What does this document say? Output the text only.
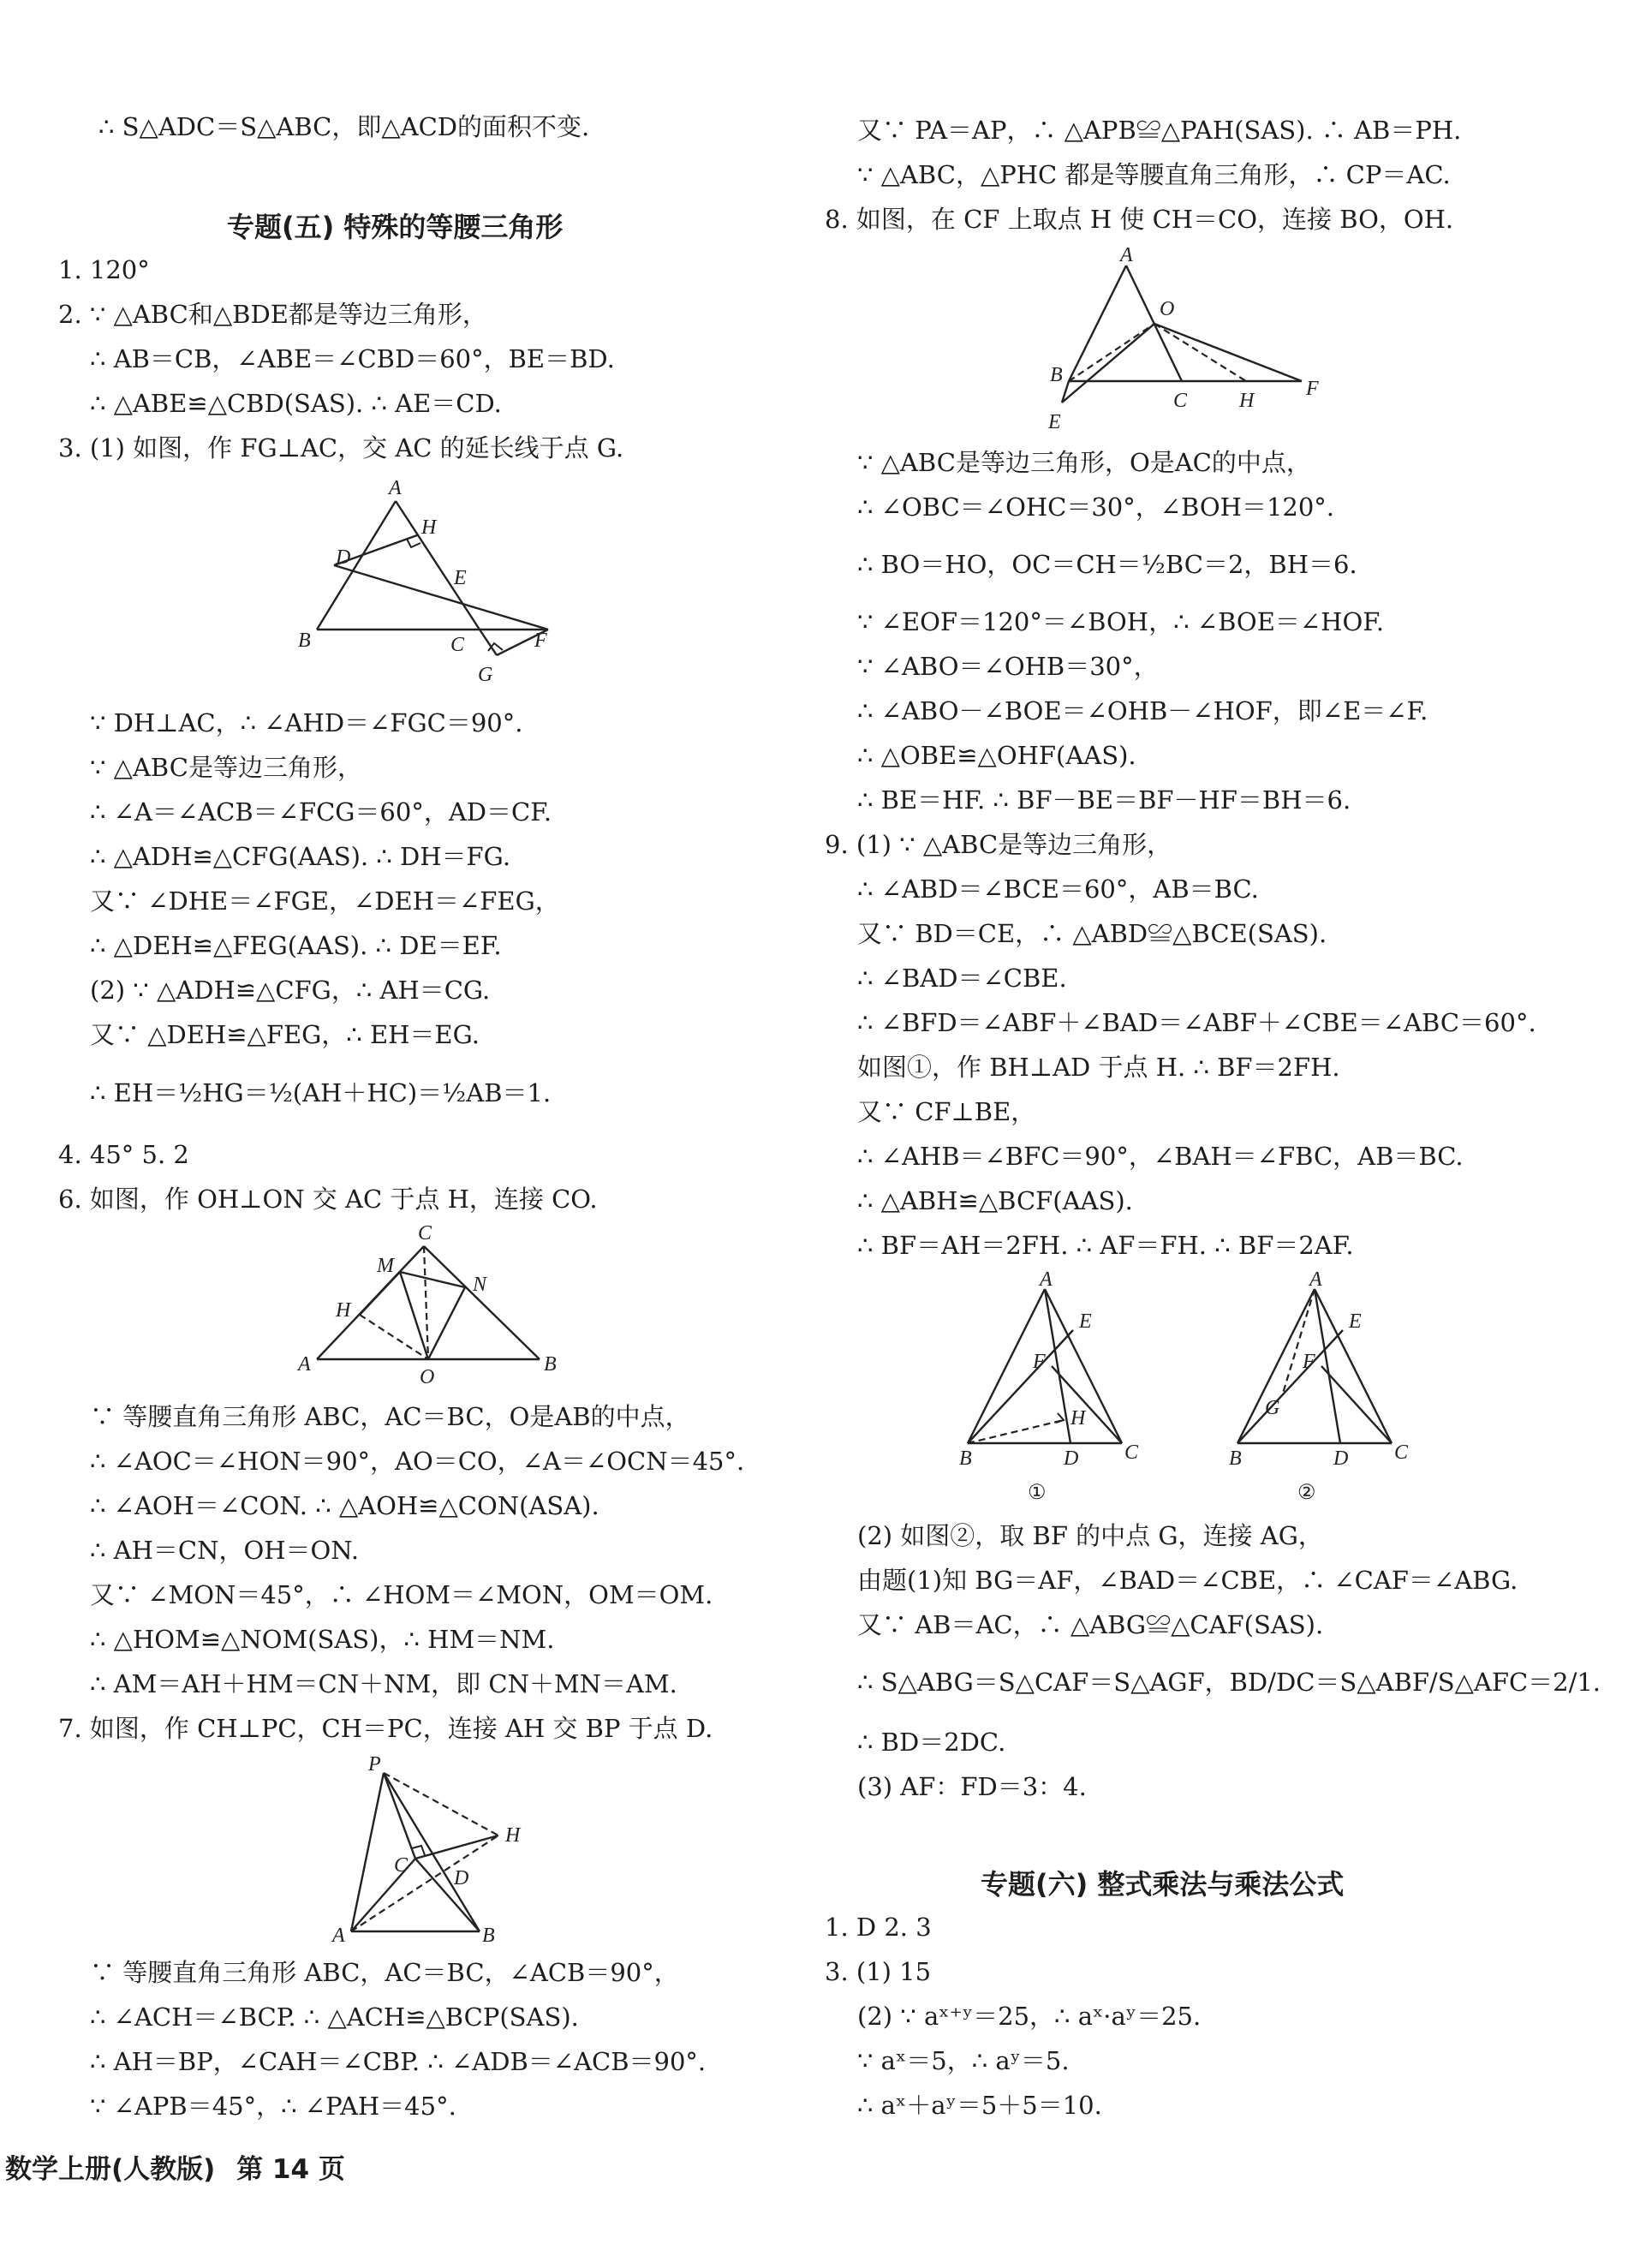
∴ S△ADC＝S△ABC，即△ACD的面积不变.
专题(五) 特殊的等腰三角形
1. 120°
2. ∵ △ABC和△BDE都是等边三角形，
∴ AB＝CB，∠ABE＝∠CBD＝60°，BE＝BD.
∴ △ABE≌△CBD(SAS). ∴ AE＝CD.
3. (1) 如图，作 FG⊥AC，交 AC 的延长线于点 G.
A
H
D
E
B	C
G
F
∵ DH⊥AC，∴ ∠AHD＝∠FGC＝90°.
∵ △ABC是等边三角形，
∴ ∠A＝∠ACB＝∠FCG＝60°，AD＝CF.
∴ △ADH≌△CFG(AAS). ∴ DH＝FG.
又∵ ∠DHE＝∠FGE，∠DEH＝∠FEG，
∴ △DEH≌△FEG(AAS). ∴ DE＝EF.
(2) ∵ △ADH≌△CFG，∴ AH＝CG.
又∵ △DEH≌△FEG，∴ EH＝EG.
∴ EH＝½HG＝½(AH＋HC)＝½AB＝1.
4. 45° 5. 2
6. 如图，作 OH⊥ON 交 AC 于点 H，连接 CO.
C
M
N
H
A
O
B
∵ 等腰直角三角形 ABC，AC＝BC，O是AB的中点，
∴ ∠AOC＝∠HON＝90°，AO＝CO，∠A＝∠OCN＝45°.
∴ ∠AOH＝∠CON. ∴ △AOH≌△CON(ASA).
∴ AH＝CN，OH＝ON.
又∵ ∠MON＝45°，∴ ∠HOM＝∠MON，OM＝OM.
∴ △HOM≌△NOM(SAS)，∴ HM＝NM.
∴ AM＝AH＋HM＝CN＋NM，即 CN＋MN＝AM.
7. 如图，作 CH⊥PC，CH＝PC，连接 AH 交 BP 于点 D.
P
H
C
D
A	B
∵ 等腰直角三角形 ABC，AC＝BC，∠ACB＝90°，
∴ ∠ACH＝∠BCP. ∴ △ACH≌△BCP(SAS).
∴ AH＝BP，∠CAH＝∠CBP. ∴ ∠ADB＝∠ACB＝90°.
∵ ∠APB＝45°，∴ ∠PAH＝45°.
又∵ PA＝AP，∴ △APB≌△PAH(SAS). ∴ AB＝PH.
∵ △ABC，△PHC 都是等腰直角三角形，∴ CP＝AC.
8. 如图，在 CF 上取点 H 使 CH＝CO，连接 BO，OH.
A
O
B
C	H
F
E
∵ △ABC是等边三角形，O是AC的中点，
∴ ∠OBC＝∠OHC＝30°，∠BOH＝120°.
∴ BO＝HO，OC＝CH＝½BC＝2，BH＝6.
∵ ∠EOF＝120°＝∠BOH，∴ ∠BOE＝∠HOF.
∵ ∠ABO＝∠OHB＝30°，
∴ ∠ABO－∠BOE＝∠OHB－∠HOF，即∠E＝∠F.
∴ △OBE≌△OHF(AAS).
∴ BE＝HF. ∴ BF－BE＝BF－HF＝BH＝6.
9. (1) ∵ △ABC是等边三角形，
∴ ∠ABD＝∠BCE＝60°，AB＝BC.
又∵ BD＝CE，∴ △ABD≌△BCE(SAS).
∴ ∠BAD＝∠CBE.
∴ ∠BFD＝∠ABF＋∠BAD＝∠ABF＋∠CBE＝∠ABC＝60°.
如图①，作 BH⊥AD 于点 H. ∴ BF＝2FH.
又∵ CF⊥BE，
∴ ∠AHB＝∠BFC＝90°，∠BAH＝∠FBC，AB＝BC.
∴ △ABH≌△BCF(AAS).
∴ BF＝AH＝2FH. ∴ AF＝FH. ∴ BF＝2AF.
A
E
F
H
B	D C
①
A
E
F
G
B	D C
②
(2) 如图②，取 BF 的中点 G，连接 AG，
由题(1)知 BG＝AF，∠BAD＝∠CBE，∴ ∠CAF＝∠ABG.
又∵ AB＝AC，∴ △ABG≌△CAF(SAS).
∴ S△ABG＝S△CAF＝S△AGF，BD/DC＝S△ABF/S△AFC＝2/1.
∴ BD＝2DC.
(3) AF：FD＝3：4.
专题(六) 整式乘法与乘法公式
1. D 2. 3
3. (1) 15
(2) ∵ aˣ⁺ʸ＝25，∴ aˣ·aʸ＝25.
∵ aˣ＝5，∴ aʸ＝5.
∴ aˣ＋aʸ＝5＋5＝10.
数学上册(人教版) 第 14 页
